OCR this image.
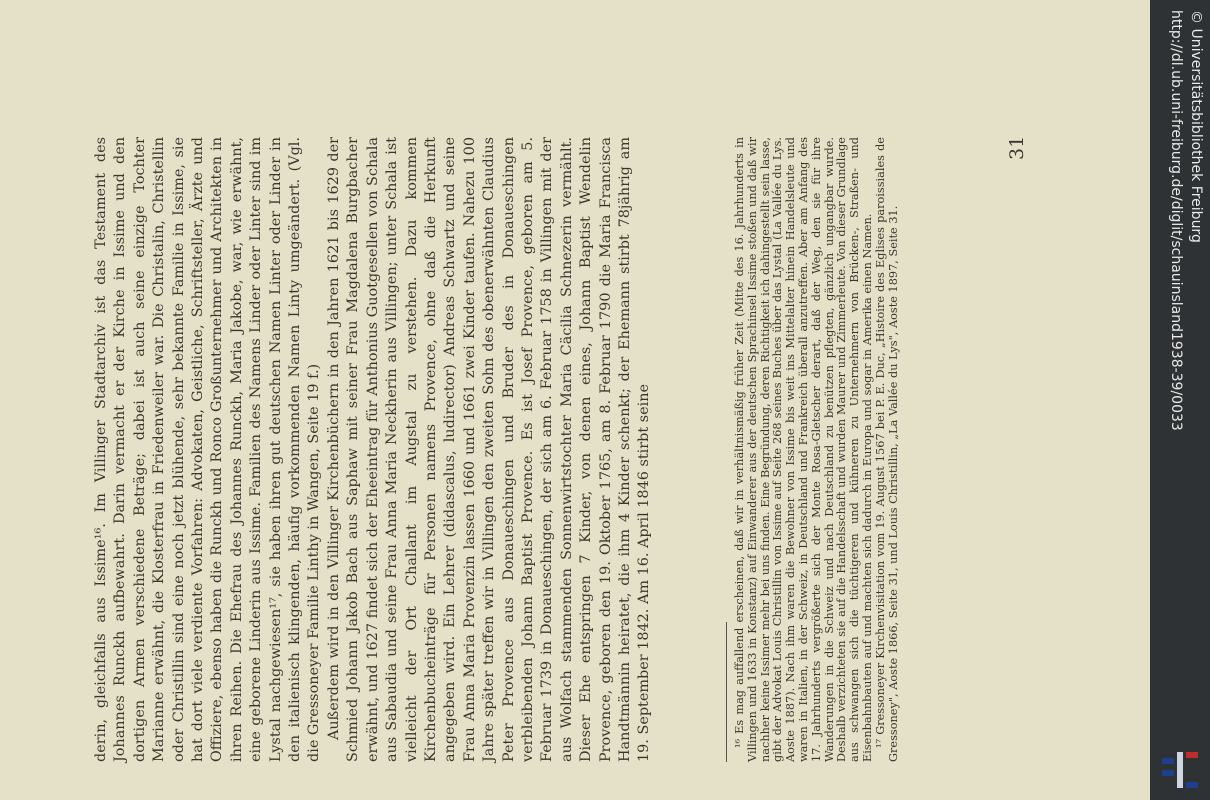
derin, gleichfalls aus Issime¹⁶. Im Villinger Stadtarchiv ist das Testament des Johannes Runckh aufbewahrt. Darin vermacht er der Kirche in Issime und den dortigen Armen verschiedene Beträge; dabei ist auch seine einzige Tochter Marianne erwähnt, die Klosterfrau in Friedenweiler war. Die Christalin, Christellin oder Christillin sind eine noch jetzt blühende, sehr bekannte Familie in Issime, sie hat dort viele verdiente Vorfahren: Advokaten, Geistliche, Schriftsteller, Ärzte und Offiziere, ebenso haben die Runckh und Ronco Großunternehmer und Architekten in ihren Reihen. Die Ehefrau des Johannes Runckh, Maria Jakobe, war, wie erwähnt, eine geborene Linderin aus Issime. Familien des Namens Linder oder Linter sind im Lystal nachgewiesen¹⁷, sie haben ihren gut deutschen Namen Linter oder Linder in den italienisch klingenden, häufig vorkommenden Namen Linty umgeändert. (Vgl. die Gressoneyer Familie Linthy in Wangen, Seite 19 f.) Außerdem wird in den Villinger Kirchenbüchern in den Jahren 1621 bis 1629 der Schmied Johann Jakob Bach aus Saphaw mit seiner Frau Magdalena Burgbacher erwähnt, und 1627 findet sich der Eheeintrag für Anthonius Guotgesellen von Schala aus Sabaudia und seine Frau Anna Maria Neckherin aus Villingen; unter Schala ist vielleicht der Ort Challant im Augstal zu verstehen. Dazu kommen Kirchenbucheinträge für Personen namens Provence, ohne daß die Herkunft angegeben wird. Ein Lehrer (didascalus, ludirector) Andreas Schwartz und seine Frau Anna Maria Provenzin lassen 1660 und 1661 zwei Kinder taufen. Nahezu 100 Jahre später treffen wir in Villingen den zweiten Sohn des obenerwähnten Claudius Peter Provence aus Donaueschingen und Bruder des in Donaueschingen verbleibenden Johann Baptist Provence. Es ist Josef Provence, geboren am 5. Februar 1739 in Donaueschingen, der sich am 6. Februar 1758 in Villingen mit der aus Wolfach stammenden Sonnenwirtstochter Maria Cäcilia Schnezerin vermählt. Dieser Ehe entspringen 7 Kinder, von denen eines, Johann Baptist Wendelin Provence, geboren den 19. Oktober 1765, am 8. Februar 1790 die Maria Francisca Handtmännin heiratet, die ihm 4 Kinder schenkt; der Ehemann stirbt 78jährig am 19. September 1842. Am 16. April 1846 stirbt seine	¹⁶ Es mag auffallend erscheinen, daß wir in verhältnismäßig früher Zeit (Mitte des 16. Jahrhunderts in Villingen und 1633 in Konstanz) auf Einwanderer aus der deutschen Sprachinsel Issime stoßen und daß wir nachher keine Issimer mehr bei uns finden. Eine Begründung, deren Richtigkeit ich dahingestellt sein lasse, gibt der Advokat Louis Christillin von Issime auf Seite 268 seines Buches über das Lystal (La Vallée du Lys. Aoste 1887). Nach ihm waren die Bewohner von Issime bis weit ins Mittelalter hinein Handelsleute und waren in Italien, in der Schweiz, in Deutschland und Frankreich überall anzutreffen. Aber am Anfang des 17. Jahrhunderts vergrößerte sich der Monte Rosa-Gletscher derart, daß der Weg, den sie für ihre Wanderungen in die Schweiz und nach Deutschland zu benützen pflegten, gänzlich ungangbar wurde. Deshalb verzichteten sie auf die Handelsschaft und wurden Maurer und Zimmerleute. Von dieser Grundlage aus schwangen sich die tüchtigeren und kühneren zu Unternehmern von Brücken-, Straßen- und Eisenbahnbauten auf und machten sich dadurch in Europa und sogar in Amerika einen Namen. ¹⁷ Gressoneyer Kirchenvisitation vom 19. August 1567 bei P. E. Duc, „Histoire des Eglises paroissiales de Gressoney", Aoste 1866, Seite 31, und Louis Christillin, „La Vallée du Lys", Aoste 1897, Seite 31.

31	http://dl.ub.uni-freiburg.de/diglit/schauinsland1938-39/0033 © Universitätsbibliothek Freiburg
